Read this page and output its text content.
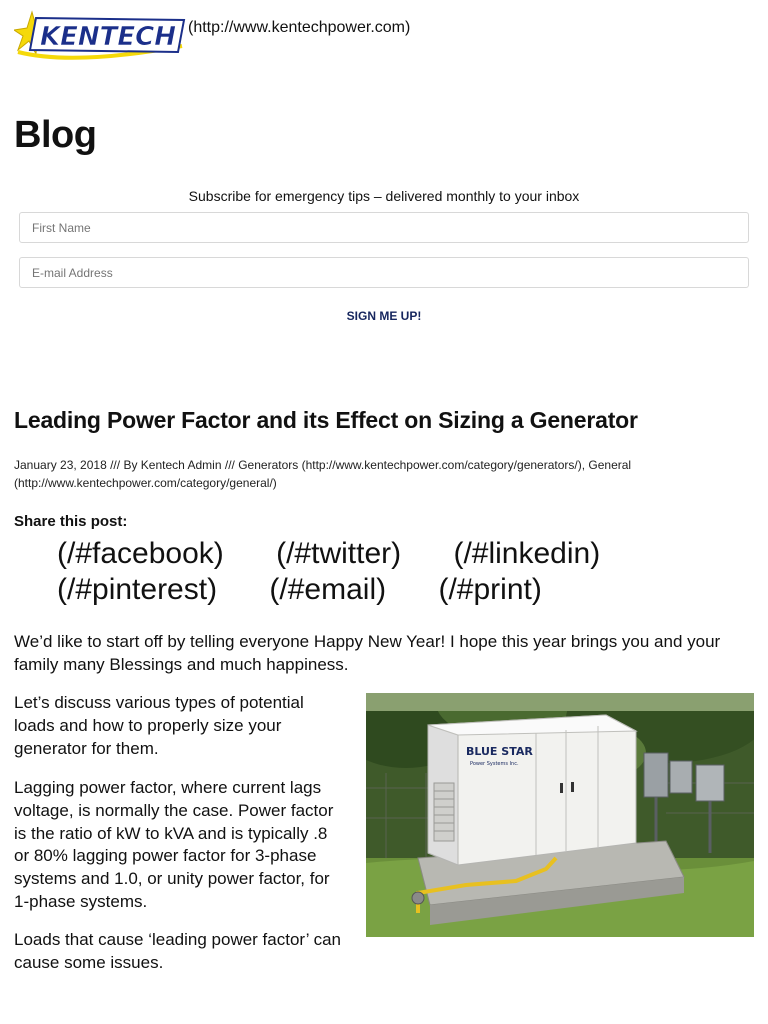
KENTECH (http://www.kentechpower.com)
Blog
Subscribe for emergency tips – delivered monthly to your inbox
First Name
E-mail Address
SIGN ME UP!
Leading Power Factor and its Effect on Sizing a Generator
January 23, 2018 /// By Kentech Admin /// Generators (http://www.kentechpower.com/category/generators/), General (http://www.kentechpower.com/category/general/)
Share this post:
(/#facebook) (/#twitter) (/#linkedin)
(/#pinterest) (/#email) (/#print)

We’d like to start off by telling everyone Happy New Year! I hope this year brings you and your family many Blessings and much happiness.

Let’s discuss various types of potential loads and how to properly size your generator for them.

Lagging power factor, where current lags voltage, is normally the case. Power factor is the ratio of kW to kVA and is typically .8 or 80% lagging power factor for 3-phase systems and 1.0, or unity power factor, for 1-phase systems.

Loads that cause ‘leading power factor’ can cause some issues.

BLUE STAR
Power Systems Inc.
